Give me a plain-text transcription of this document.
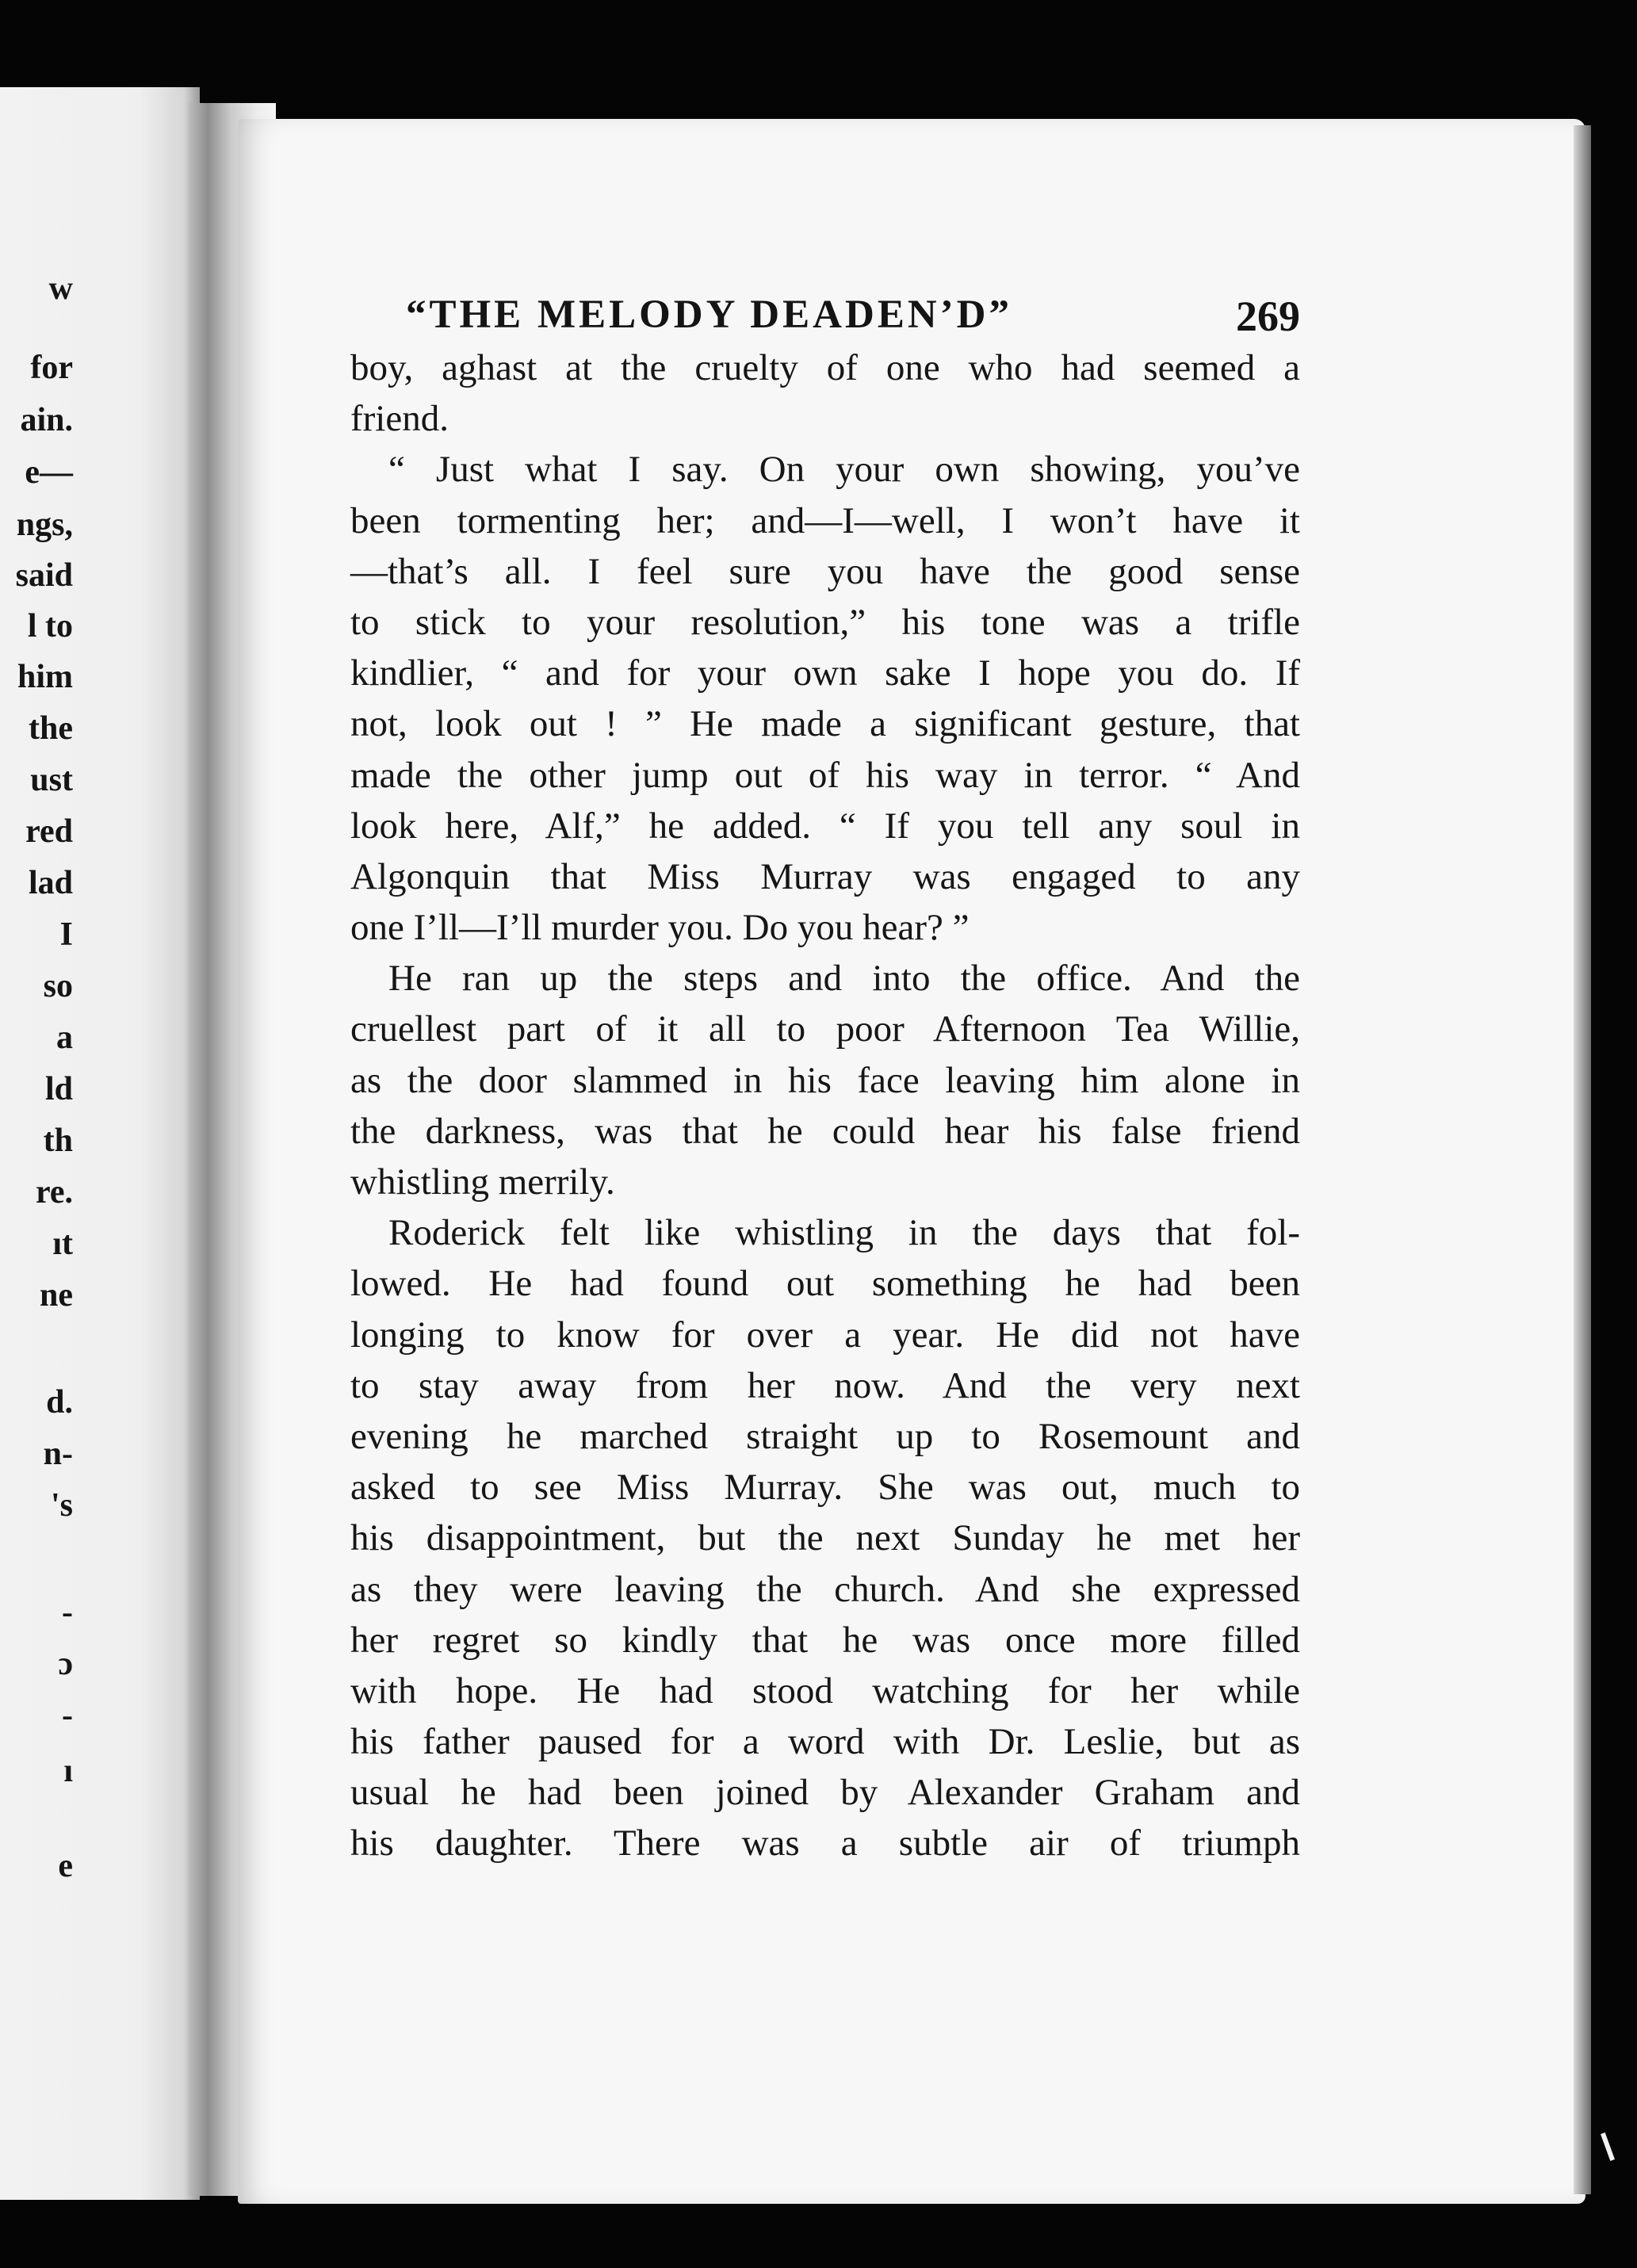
w
for
ain.
e—
ngs,
said
l to
him
the
ust
red
lad
I
so
a
ld
th
re.
ıt
ne
d.
n-
's
-
ɔ
-
ı
e
“THE MELODY DEADEN’D”	269
boy, aghast at the cruelty of one who had seemed a
friend.
“ Just what I say. On your own showing, you’ve
been tormenting her; and—I—well, I won’t have it
—that’s all. I feel sure you have the good sense
to stick to your resolution,” his tone was a trifle
kindlier, “ and for your own sake I hope you do. If
not, look out ! ” He made a significant gesture, that
made the other jump out of his way in terror. “ And
look here, Alf,” he added. “ If you tell any soul in
Algonquin that Miss Murray was engaged to any
one I’ll—I’ll murder you. Do you hear? ”
He ran up the steps and into the office. And the
cruellest part of it all to poor Afternoon Tea Willie,
as the door slammed in his face leaving him alone in
the darkness, was that he could hear his false friend
whistling merrily.
Roderick felt like whistling in the days that fol-
lowed. He had found out something he had been
longing to know for over a year. He did not have
to stay away from her now. And the very next
evening he marched straight up to Rosemount and
asked to see Miss Murray. She was out, much to
his disappointment, but the next Sunday he met her
as they were leaving the church. And she expressed
her regret so kindly that he was once more filled
with hope. He had stood watching for her while
his father paused for a word with Dr. Leslie, but as
usual he had been joined by Alexander Graham and
his daughter. There was a subtle air of triumph
